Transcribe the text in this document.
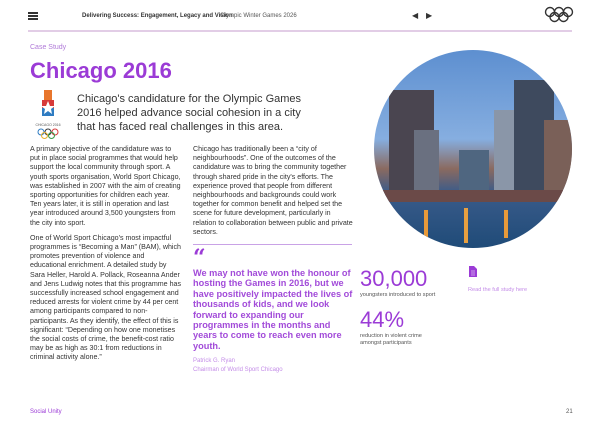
Delivering Success: Engagement, Legacy and Vision
Olympic Winter Games 2026	◀ ▶
Case Study
Chicago 2016
CHICAGO 2016
Chicago's candidature for the Olympic Games 2016 helped advance social cohesion in a city that has faced real challenges in this area.
A primary objective of the candidature was to put in place social programmes that would help support the local community through sport. A youth sports organisation, World Sport Chicago, was established in 2007 with the aim of creating sporting opportunities for children each year. Ten years later, it is still in operation and last year introduced around 3,500 youngsters from the city into sport.
One of World Sport Chicago's most impactful programmes is “Becoming a Man” (BAM), which promotes prevention of violence and educational enrichment. A detailed study by Sara Heller, Harold A. Pollack, Roseanna Ander and Jens Ludwig notes that this programme has successfully increased school engagement and reduced arrests for violent crime by 44 per cent among participants compared to non-participants. As they identify, the effect of this is significant: “Depending on how one monetises the social costs of crime, the benefit-cost ratio may be as high as 30:1 from reductions in criminal activity alone.”
Chicago has traditionally been a “city of neighbourhoods”. One of the outcomes of the candidature was to bring the community together through shared pride in the city's efforts. The experience proved that people from different neighbourhoods and backgrounds could work together for common benefit and helped set the scene for future development, particularly in relation to collaboration between public and private sectors.
“
We may not have won the honour of hosting the Games in 2016, but we have positively impacted the lives of thousands of kids, and we look forward to expanding our programmes in the months and years to come to reach even more youth.
Patrick G. Ryan
Chairman of World Sport Chicago
30,000
youngsters introduced to sport
44%
reduction in violent crime amongst participants
Read the full study here
Social Unity	21
